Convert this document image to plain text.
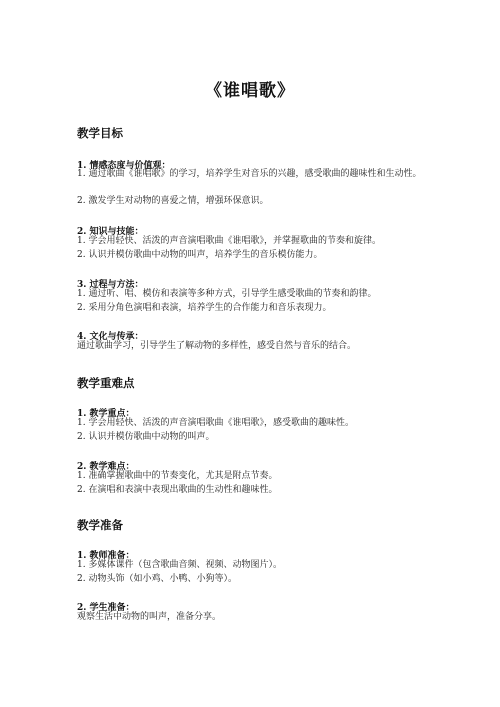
《谁唱歌》
教学目标
1. 情感态度与价值观：
1. 通过歌曲《谁唱歌》的学习，培养学生对音乐的兴趣，感受歌曲的趣味性和生动性。
2. 激发学生对动物的喜爱之情，增强环保意识。
2. 知识与技能：
1. 学会用轻快、活泼的声音演唱歌曲《谁唱歌》，并掌握歌曲的节奏和旋律。
2. 认识并模仿歌曲中动物的叫声，培养学生的音乐模仿能力。
3. 过程与方法：
1. 通过听、唱、模仿和表演等多种方式，引导学生感受歌曲的节奏和韵律。
2. 采用分角色演唱和表演，培养学生的合作能力和音乐表现力。
4. 文化与传承：
通过歌曲学习，引导学生了解动物的多样性，感受自然与音乐的结合。
教学重难点
1. 教学重点：
1. 学会用轻快、活泼的声音演唱歌曲《谁唱歌》，感受歌曲的趣味性。
2. 认识并模仿歌曲中动物的叫声。
2. 教学难点：
1. 准确掌握歌曲中的节奏变化，尤其是附点节奏。
2. 在演唱和表演中表现出歌曲的生动性和趣味性。
教学准备
1. 教师准备：
1. 多媒体课件（包含歌曲音频、视频、动物图片）。
2. 动物头饰（如小鸡、小鸭、小狗等）。
2. 学生准备：
观察生活中动物的叫声，准备分享。
